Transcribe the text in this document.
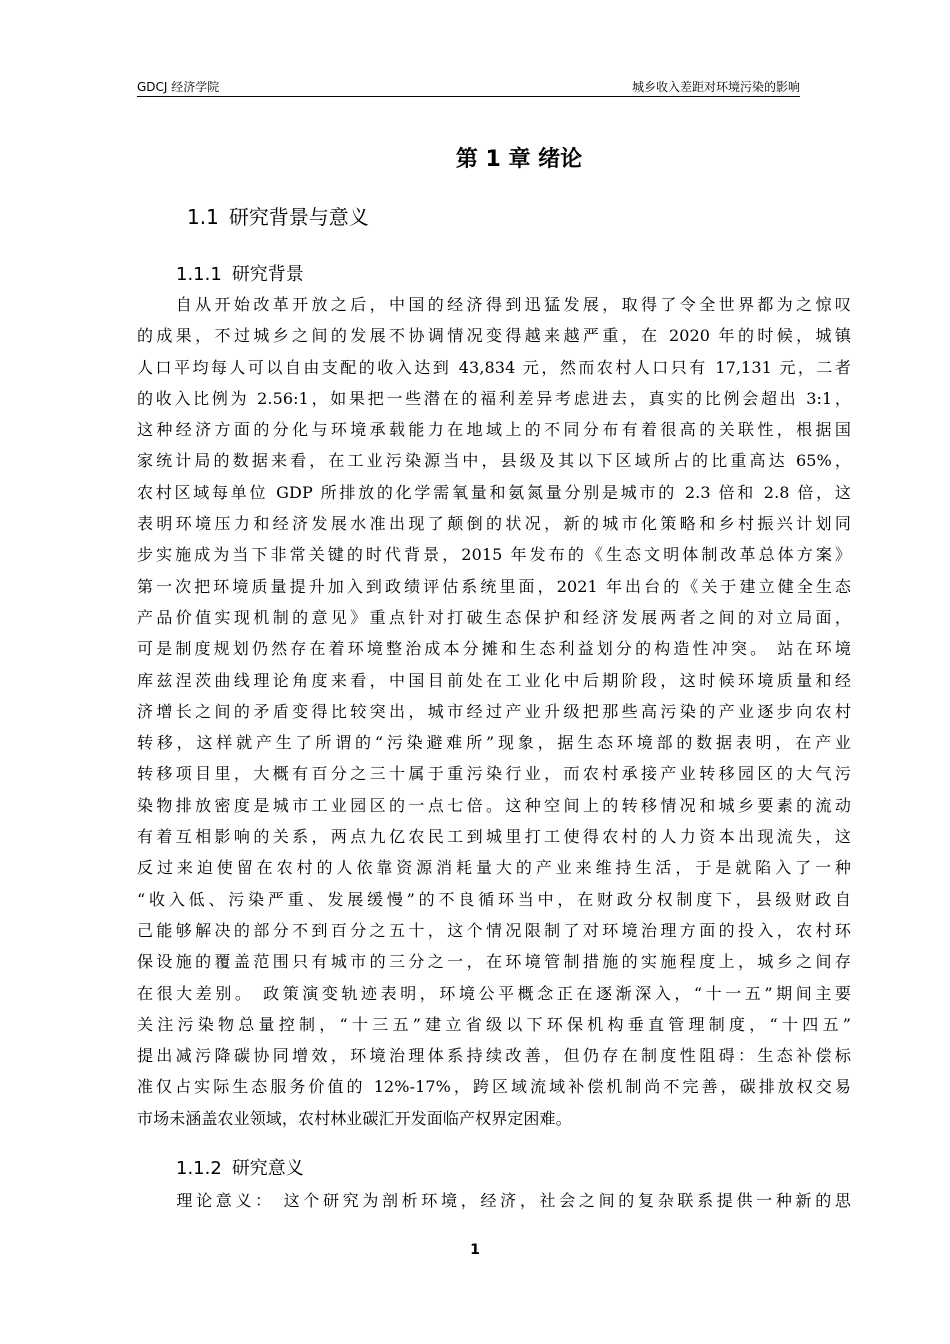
GDCJ 经济学院	城乡收入差距对环境污染的影响
第 1 章 绪论
1.1 研究背景与意义
1.1.1 研究背景
　　自从开始改革开放之后，中国的经济得到迅猛发展，取得了令全世界都为之惊叹
的成果，不过城乡之间的发展不协调情况变得越来越严重，在 2020 年的时候，城镇
人口平均每人可以自由支配的收入达到 43,834 元，然而农村人口只有 17,131 元，二者
的收入比例为 2.56:1，如果把一些潜在的福利差异考虑进去，真实的比例会超出 3:1，
这种经济方面的分化与环境承载能力在地域上的不同分布有着很高的关联性，根据国
家统计局的数据来看，在工业污染源当中，县级及其以下区域所占的比重高达 65%，
农村区域每单位 GDP 所排放的化学需氧量和氨氮量分别是城市的 2.3 倍和 2.8 倍，这
表明环境压力和经济发展水准出现了颠倒的状况，新的城市化策略和乡村振兴计划同
步实施成为当下非常关键的时代背景，2015 年发布的《生态文明体制改革总体方案》
第一次把环境质量提升加入到政绩评估系统里面，2021 年出台的《关于建立健全生态
产品价值实现机制的意见》重点针对打破生态保护和经济发展两者之间的对立局面，
可是制度规划仍然存在着环境整治成本分摊和生态利益划分的构造性冲突。 站在环境
库兹涅茨曲线理论角度来看，中国目前处在工业化中后期阶段，这时候环境质量和经
济增长之间的矛盾变得比较突出，城市经过产业升级把那些高污染的产业逐步向农村
转移，这样就产生了所谓的“污染避难所”现象，据生态环境部的数据表明，在产业
转移项目里，大概有百分之三十属于重污染行业，而农村承接产业转移园区的大气污
染物排放密度是城市工业园区的一点七倍。这种空间上的转移情况和城乡要素的流动
有着互相影响的关系，两点九亿农民工到城里打工使得农村的人力资本出现流失，这
反过来迫使留在农村的人依靠资源消耗量大的产业来维持生活，于是就陷入了一种
“收入低、污染严重、发展缓慢”的不良循环当中，在财政分权制度下，县级财政自
己能够解决的部分不到百分之五十，这个情况限制了对环境治理方面的投入，农村环
保设施的覆盖范围只有城市的三分之一，在环境管制措施的实施程度上，城乡之间存
在很大差别。 政策演变轨迹表明，环境公平概念正在逐渐深入，“十一五”期间主要
关注污染物总量控制，“十三五”建立省级以下环保机构垂直管理制度，“十四五”
提出减污降碳协同增效，环境治理体系持续改善，但仍存在制度性阻碍：生态补偿标
准仅占实际生态服务价值的 12%-17%，跨区域流域补偿机制尚不完善，碳排放权交易
市场未涵盖农业领域，农村林业碳汇开发面临产权界定困难。
1.1.2 研究意义
　　理论意义： 这个研究为剖析环境，经济，社会之间的复杂联系提供一种新的思
1
